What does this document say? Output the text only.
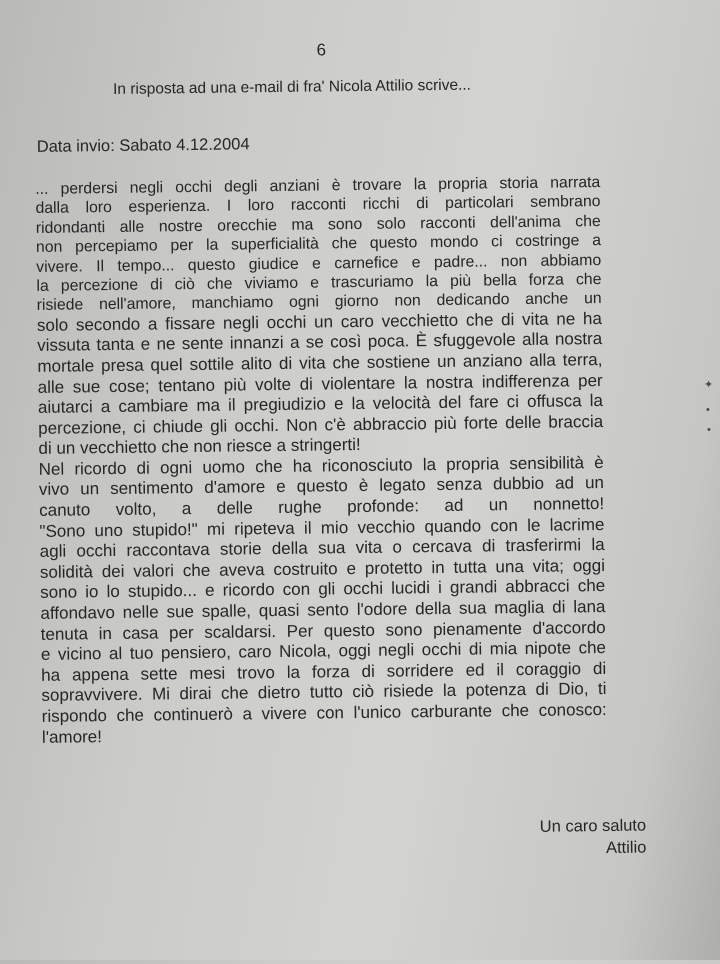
6
In risposta ad una e-mail di fra' Nicola Attilio scrive...
Data invio: Sabato 4.12.2004
... perdersi negli occhi degli anziani è trovare la propria storia narrata
dalla loro esperienza. I loro racconti ricchi di particolari sembrano
ridondanti alle nostre orecchie ma sono solo racconti dell'anima che
non percepiamo per la superficialità che questo mondo ci costringe a
vivere. Il tempo... questo giudice e carnefice e padre... non abbiamo
la percezione di ciò che viviamo e trascuriamo la più bella forza che
risiede nell'amore, manchiamo ogni giorno non dedicando anche un
solo secondo a fissare negli occhi un caro vecchietto che di vita ne ha
vissuta tanta e ne sente innanzi a se così poca. È sfuggevole alla nostra
mortale presa quel sottile alito di vita che sostiene un anziano alla terra,
alle sue cose; tentano più volte di violentare la nostra indifferenza per
aiutarci a cambiare ma il pregiudizio e la velocità del fare ci offusca la
percezione, ci chiude gli occhi. Non c'è abbraccio più forte delle braccia
di un vecchietto che non riesce a stringerti!
Nel ricordo di ogni uomo che ha riconosciuto la propria sensibilità è
vivo un sentimento d'amore e questo è legato senza dubbio ad un
canuto volto, a delle rughe profonde: ad un nonnetto!
"Sono uno stupido!" mi ripeteva il mio vecchio quando con le lacrime
agli occhi raccontava storie della sua vita o cercava di trasferirmi la
solidità dei valori che aveva costruito e protetto in tutta una vita; oggi
sono io lo stupido... e ricordo con gli occhi lucidi i grandi abbracci che
affondavo nelle sue spalle, quasi sento l'odore della sua maglia di lana
tenuta in casa per scaldarsi. Per questo sono pienamente d'accordo
e vicino al tuo pensiero, caro Nicola, oggi negli occhi di mia nipote che
ha appena sette mesi trovo la forza di sorridere ed il coraggio di
sopravvivere. Mi dirai che dietro tutto ciò risiede la potenza di Dio, ti
rispondo che continuerò a vivere con l'unico carburante che conosco:
l'amore!
Un caro saluto
Attilio
✦
•
•
